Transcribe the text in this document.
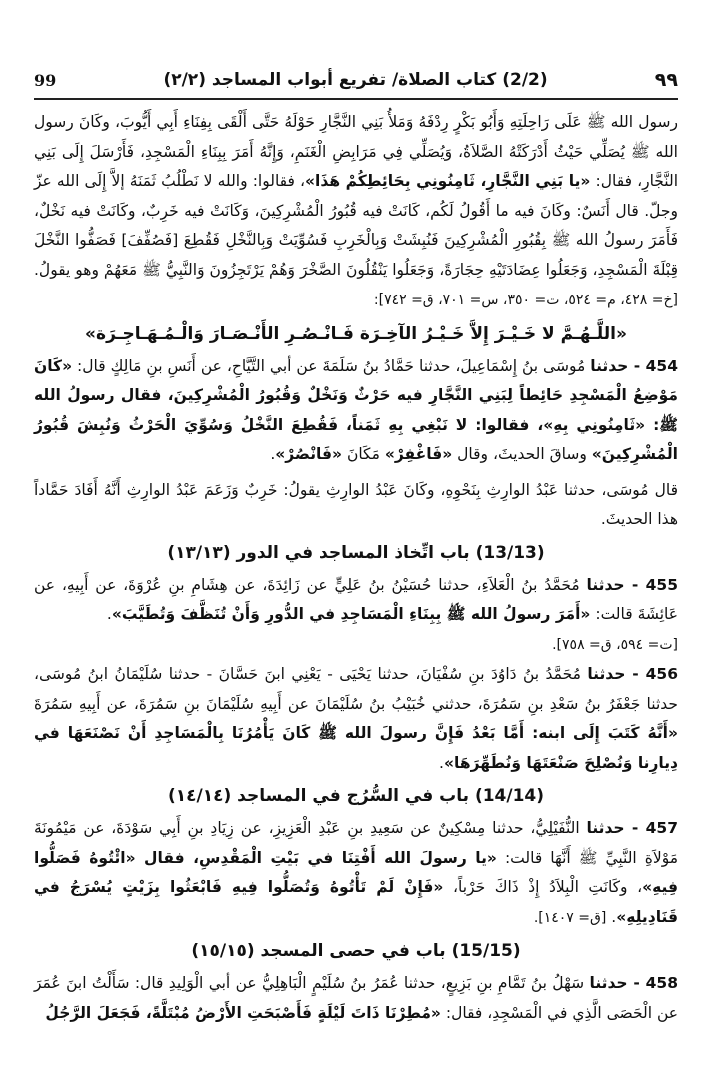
٩٩
(2/2) كتاب الصلاة/ تفريع أبواب المساجد (٢/٢)
99

رسول الله ﷺ عَلَى رَاحِلَتِهِ وَأَبُو بَكْرٍ رِدْفَهُ وَمَلأُ بَنِي النَّجَّارِ حَوْلَهُ حَتَّى أَلْقَى بِفِنَاءِ أَبِي أَيُّوبَ، وكَانَ رسول الله ﷺ يُصَلِّي حَيْثُ أَدْرَكَتْهُ الصَّلاَةُ، وَيُصَلِّي فِي مَرَابِضِ الْغَنَمِ، وَإِنَّهُ أَمَرَ بِبِنَاءِ الْمَسْجِدِ، فَأَرْسَلَ إِلَى بَنِي النَّجَّارِ، فقال: «يا بَنِي النَّجَّارِ، ثَامِنُونِي بِحَائِطِكُمْ هَذَا»، فقالوا: والله لا نَطْلُبُ ثَمَنَهُ إلاَّ إِلَى الله عزّ وجلّ. قال أَنَسٌ: وكَانَ فيه ما أَقُولُ لَكُم، كَانَتْ فيه قُبُورُ الْمُشْرِكِينَ، وَكَانَتْ فيه خَرِبٌ، وكَانَتْ فيه نَخْلٌ، فَأَمَرَ رسولُ الله ﷺ بِقُبُورِ الْمُشْرِكِينَ فَنُبِشَتْ وَبِالْخَرِبِ فَسُوِّيَتْ وَبِالنَّخْلِ فَقُطِعَ [فَصُفِّفَ] فَصَفُّوا النَّخْلَ قِبْلَةَ الْمَسْجِدِ، وَجَعَلُوا عِضَادَتَيْهِ حِجَارَةً، وَجَعَلُوا يَنْقُلُونَ الصَّخْرَ وَهُمْ يَرْتَجِزُونَ وَالنَّبِيُّ ﷺ مَعَهُمْ وهو يقولُ. [خ= ٤٢٨، م= ٥٢٤، ت= ٣٥٠، س= ٧٠١، ق= ٧٤٢]:

«اللَّـهُـمَّ لا خَـيْـرَ إِلاَّ خَـيْـرُ الآخِـرَة فَـانْـصُـرِ الأَنْـصَـارَ وَالْـمُـهَـاجِـرَة»

454 - حدثنا مُوسَى بنُ إِسْمَاعِيلَ، حدثنا حَمَّادُ بنُ سَلَمَةَ عن أبي التَّيَّاحِ، عن أَنَسِ بنِ مَالِكٍ قال: «كَانَ مَوْضِعُ الْمَسْجِدِ حَائِطاً لِبَنِي النَّجَّارِ فيه حَرْثٌ وَنَخْلٌ وَقُبُورُ الْمُشْرِكِينَ، فقال رسولُ الله ﷺ: «ثَامِنُونِي بِهِ»، فقالوا: لا نَبْغِي بِهِ ثَمَناً، فَقُطِعَ النَّخْلُ وَسُوِّيَ الْحَرْثُ وَنُبِشَ قُبُورُ الْمُشْرِكِينَ» وساقَ الحديثَ، وقال «فَاغْفِرْ» مَكَانَ «فَانْصُرْ».

قال مُوسَى، حدثنا عَبْدُ الوارِثِ بِنَحْوِهِ، وكَانَ عَبْدُ الوارِثِ يقولُ: خَرِبٌ وَزَعَمَ عَبْدُ الوارِثِ أَنَّهُ أَفَادَ حَمَّاداً هذا الحديثَ.

(13/13) باب اتِّخاذ المساجد في الدور (١٣/١٣)

455 - حدثنا مُحَمَّدُ بنُ الْعَلاَءِ، حدثنا حُسَيْنُ بنُ عَلِيٍّ عن زَائِدَةَ، عن هِشَامِ بنِ عُرْوَةَ، عن أَبِيهِ، عن عَائِشَةَ قالت: «أَمَرَ رسولُ الله ﷺ بِبِنَاءِ الْمَسَاجِدِ في الدُّورِ وَأَنْ تُنَظَّفَ وَتُطَيَّبَ».

[ت= ٥٩٤، ق= ٧٥٨].

456 - حدثنا مُحَمَّدُ بنُ دَاوُدَ بنِ سُفْيَانَ، حدثنا يَحْيَى - يَعْنِي ابنَ حَسَّانَ - حدثنا سُلَيْمَانُ ابنُ مُوسَى، حدثنا جَعْفَرُ بنُ سَعْدِ بنِ سَمُرَةَ، حدثني خُبَيْبُ بنُ سُلَيْمَانَ عن أَبِيهِ سُلَيْمَانَ بنِ سَمُرَةَ، عن أَبِيهِ سَمُرَةَ «أَنَّهُ كَتَبَ إِلَى ابنه: أَمَّا بَعْدُ فَإِنَّ رسولَ الله ﷺ كَانَ يَأْمُرُنَا بِالْمَسَاجِدِ أَنْ نَصْنَعَهَا في دِيارِنا وَنُصْلِحَ صَنْعَتَهَا وَنُطَهِّرَهَا».

(14/14) باب في السُّرُج في المساجد (١٤/١٤)

457 - حدثنا النُّفَيْلِيُّ، حدثنا مِسْكِينٌ عن سَعِيدِ بنِ عَبْدِ الْعَزِيزِ، عن زِيَادِ بنِ أَبِي سَوْدَةَ، عن مَيْمُونَةَ مَوْلاَةِ النَّبِيِّ ﷺ أَنَّهَا قالت: «يا رسولَ الله أَفْتِنَا في بَيْتِ الْمَقْدِسِ، فقال «ائْتُوهُ فَصَلُّوا فِيهِ»، وكَانَتِ الْبِلاَدُ إِذْ ذَاكَ حَرْباً، «فَإِنْ لَمْ تَأْتُوهُ وَتُصَلُّوا فِيهِ فَابْعَثُوا بِزَيْتٍ يُسْرَجُ في قَنَادِيلِهِ». [ق= ١٤٠٧].

(15/15) باب في حصى المسجد (١٥/١٥)

458 - حدثنا سَهْلُ بنُ تَمَّامِ بنِ بَزِيعٍ، حدثنا عُمَرُ بنُ سُلَيْمٍ الْبَاهِلِيُّ عن أبي الْوَلِيدِ قال: سَأَلْتُ ابنَ عُمَرَ عن الْحَصَى الَّذِي في الْمَسْجِدِ، فقال: «مُطِرْنَا ذَاتَ لَيْلَةٍ فَأَصْبَحَتِ الأَرْضُ مُبْتَلَّةً، فَجَعَلَ الرَّجُلُ
